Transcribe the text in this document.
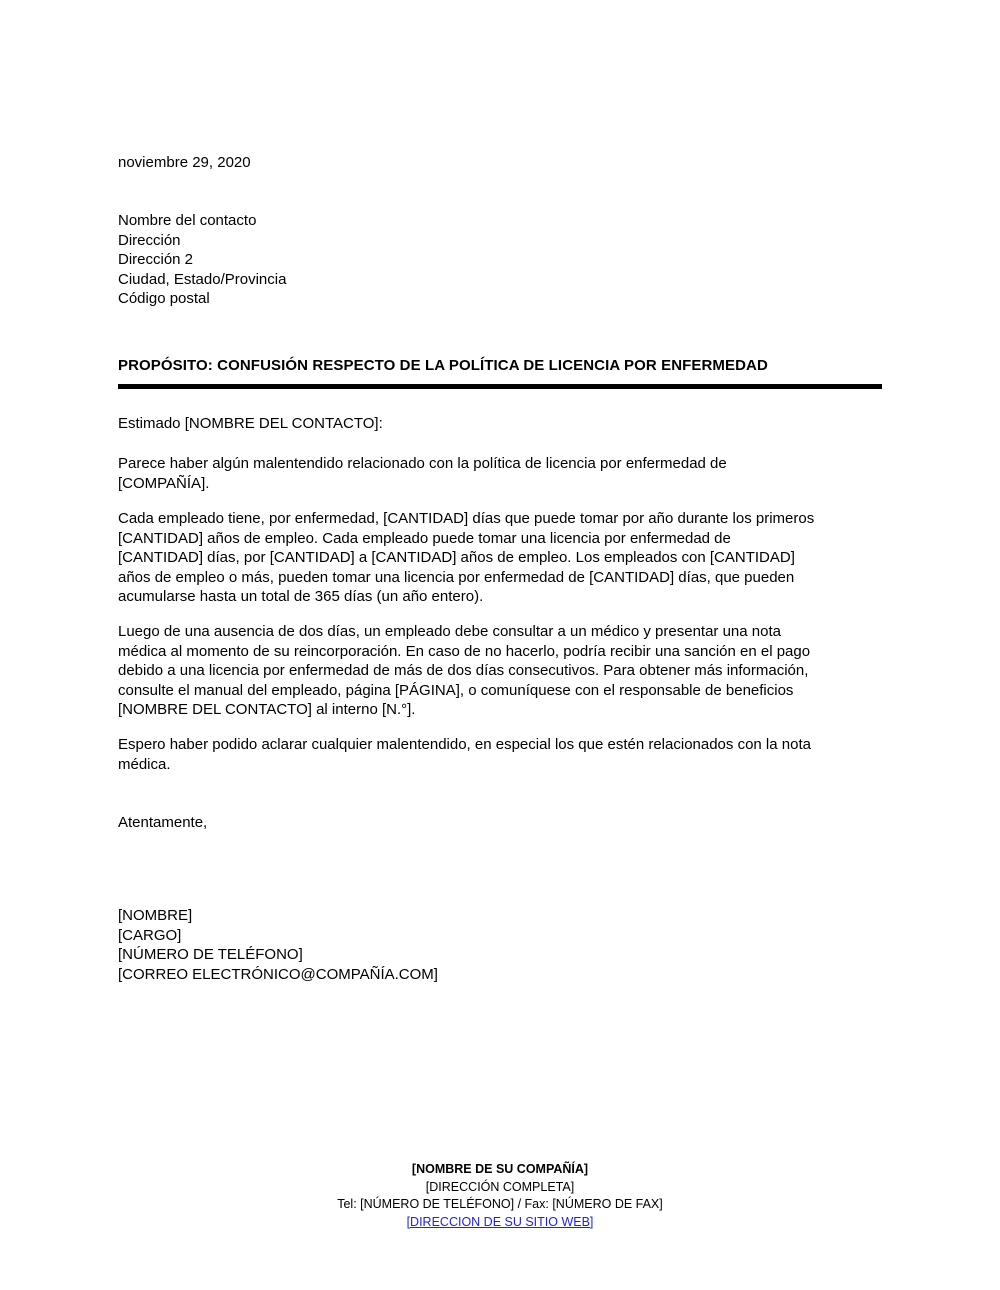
noviembre 29, 2020
Nombre del contacto
Dirección
Dirección 2
Ciudad, Estado/Provincia
Código postal
PROPÓSITO: CONFUSIÓN RESPECTO DE LA POLÍTICA DE LICENCIA POR ENFERMEDAD
Estimado [NOMBRE DEL CONTACTO]:
Parece haber algún malentendido relacionado con la política de licencia por enfermedad de
[COMPAÑÍA].
Cada empleado tiene, por enfermedad, [CANTIDAD] días que puede tomar por año durante los primeros
[CANTIDAD] años de empleo. Cada empleado puede tomar una licencia por enfermedad de
[CANTIDAD] días, por [CANTIDAD] a [CANTIDAD] años de empleo. Los empleados con [CANTIDAD]
años de empleo o más, pueden tomar una licencia por enfermedad de [CANTIDAD] días, que pueden
acumularse hasta un total de 365 días (un año entero).
Luego de una ausencia de dos días, un empleado debe consultar a un médico y presentar una nota
médica al momento de su reincorporación. En caso de no hacerlo, podría recibir una sanción en el pago
debido a una licencia por enfermedad de más de dos días consecutivos. Para obtener más información,
consulte el manual del empleado, página [PÁGINA], o comuníquese con el responsable de beneficios
[NOMBRE DEL CONTACTO] al interno [N.°].
Espero haber podido aclarar cualquier malentendido, en especial los que estén relacionados con la nota
médica.
Atentamente,
[NOMBRE]
[CARGO]
[NÚMERO DE TELÉFONO]
[CORREO ELECTRÓNICO@COMPAÑÍA.COM]
[NOMBRE DE SU COMPAÑÍA]
[DIRECCIÓN COMPLETA]
Tel: [NÚMERO DE TELÉFONO] / Fax: [NÚMERO DE FAX]
[DIRECCION DE SU SITIO WEB]
